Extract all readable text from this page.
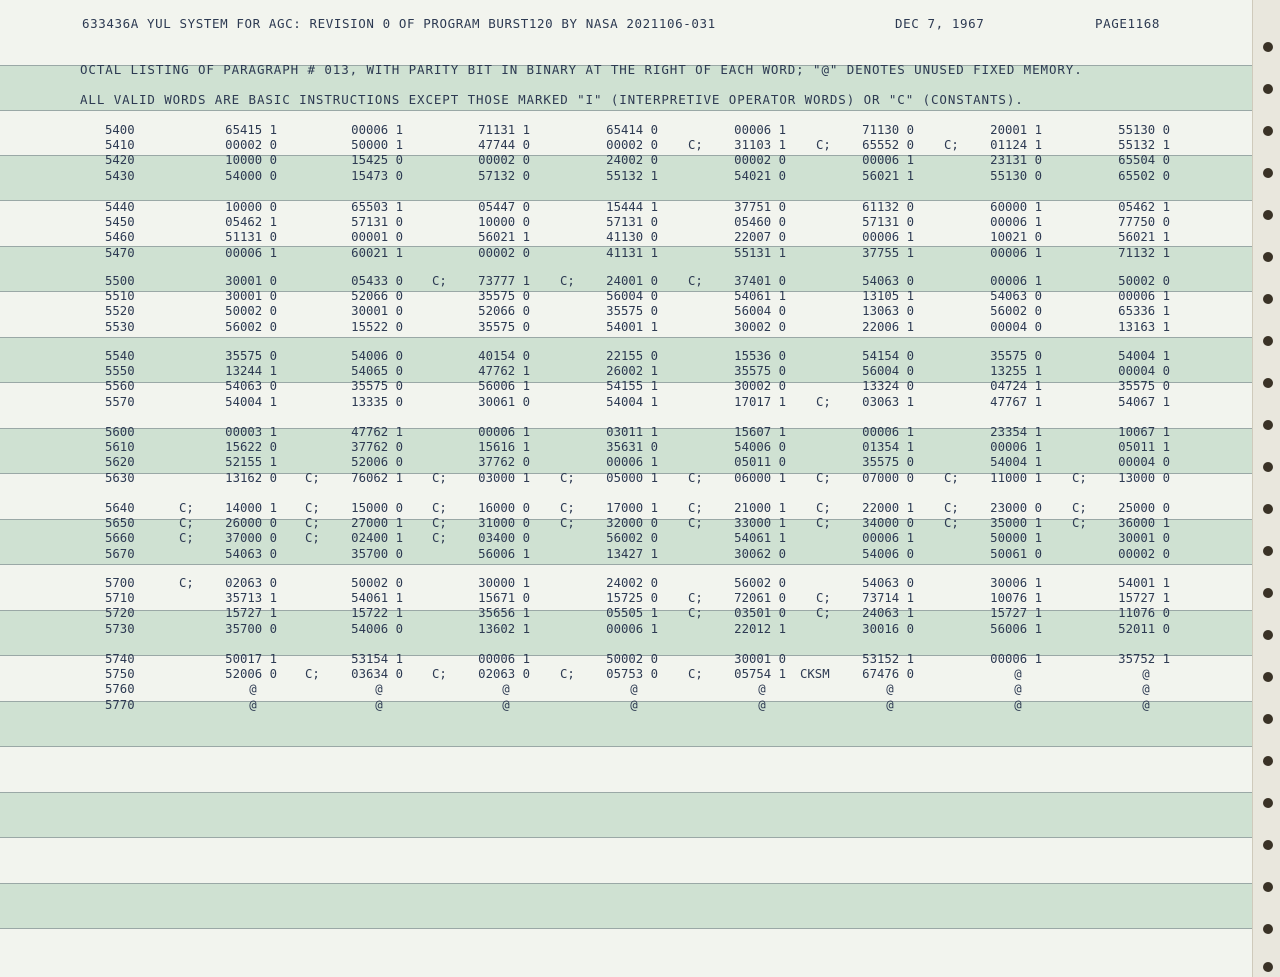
633436A YUL SYSTEM FOR AGC: REVISION 0 OF PROGRAM BURST120 BY NASA 2021106-031	DEC 7, 1967	PAGE1168
OCTAL LISTING OF PARAGRAPH # 013, WITH PARITY BIT IN BINARY AT THE RIGHT OF EACH WORD; "@" DENOTES UNUSED FIXED MEMORY.
ALL VALID WORDS ARE BASIC INSTRUCTIONS EXCEPT THOSE MARKED "I" (INTERPRETIVE OPERATOR WORDS) OR "C" (CONSTANTS).
5400	65415 1	00006 1	71131 1	65414 0	00006 1	71130 0	20001 1	55130 0
5410	00002 0	50000 1	47744 0	00002 0 C;	31103 1 C;	65552 0 C;	01124 1	55132 1
5420	10000 0	15425 0	00002 0	24002 0	00002 0	00006 1	23131 0	65504 0
5430	54000 0	15473 0	57132 0	55132 1	54021 0	56021 1	55130 0	65502 0
5440	10000 0	65503 1	05447 0	15444 1	37751 0	61132 0	60000 1	05462 1
5450	05462 1	57131 0	10000 0	57131 0	05460 0	57131 0	00006 1	77750 0
5460	51131 0	00001 0	56021 1	41130 0	22007 0	00006 1	10021 0	56021 1
5470	00006 1	60021 1	00002 0	41131 1	55131 1	37755 1	00006 1	71132 1
5500	30001 0	05433 0 C;	73777 1 C;	24001 0 C;	37401 0	54063 0	00006 1	50002 0
5510	30001 0	52066 0	35575 0	56004 0	54061 1	13105 1	54063 0	00006 1
5520	50002 0	30001 0	52066 0	35575 0	56004 0	13063 0	56002 0	65336 1
5530	56002 0	15522 0	35575 0	54001 1	30002 0	22006 1	00004 0	13163 1
5540	35575 0	54006 0	40154 0	22155 0	15536 0	54154 0	35575 0	54004 1
5550	13244 1	54065 0	47762 1	26002 1	35575 0	56004 0	13255 1	00004 0
5560	54063 0	35575 0	56006 1	54155 1	30002 0	13324 0	04724 1	35575 0
5570	54004 1	13335 0	30061 0	54004 1	17017 1 C;	03063 1	47767 1	54067 1
5600	00003 1	47762 1	00006 1	03011 1	15607 1	00006 1	23354 1	10067 1
5610	15622 0	37762 0	15616 1	35631 0	54006 0	01354 1	00006 1	05011 1
5620	52155 1	52006 0	37762 0	00006 1	05011 0	35575 0	54004 1	00004 0
5630	13162 0 C;	76062 1 C;	03000 1 C;	05000 1 C;	06000 1 C;	07000 0 C;	11000 1 C;	13000 0
5640	C;	14000 1 C;	15000 0 C;	16000 0 C;	17000 1 C;	21000 1 C;	22000 1 C;	23000 0 C;	25000 0
5650	C;	26000 0 C;	27000 1 C;	31000 0 C;	32000 0 C;	33000 1 C;	34000 0 C;	35000 1 C;	36000 1
5660	C;	37000 0 C;	02400 1 C;	03400 0	56002 0	54061 1	00006 1	50000 1	30001 0
5670	54063 0	35700 0	56006 1	13427 1	30062 0	54006 0	50061 0	00002 0
5700	C;	02063 0	50002 0	30000 1	24002 0	56002 0	54063 0	30006 1	54001 1
5710	35713 1	54061 1	15671 0	15725 0 C;	72061 0 C;	73714 1	10076 1	15727 1
5720	15727 1	15722 1	35656 1	05505 1 C;	03501 0 C;	24063 1	15727 1	11076 0
5730	35700 0	54006 0	13602 1	00006 1	22012 1	30016 0	56006 1	52011 0
5740	50017 1	53154 1	00006 1	50002 0	30001 0	53152 1	00006 1	35752 1
5750	52006 0 C;	03634 0 C;	02063 0 C;	05753 0 C;	05754 1 CKSM	67476 0	@	@
5760	@	@	@	@	@	@	@	@
5770	@	@	@	@	@	@	@	@
